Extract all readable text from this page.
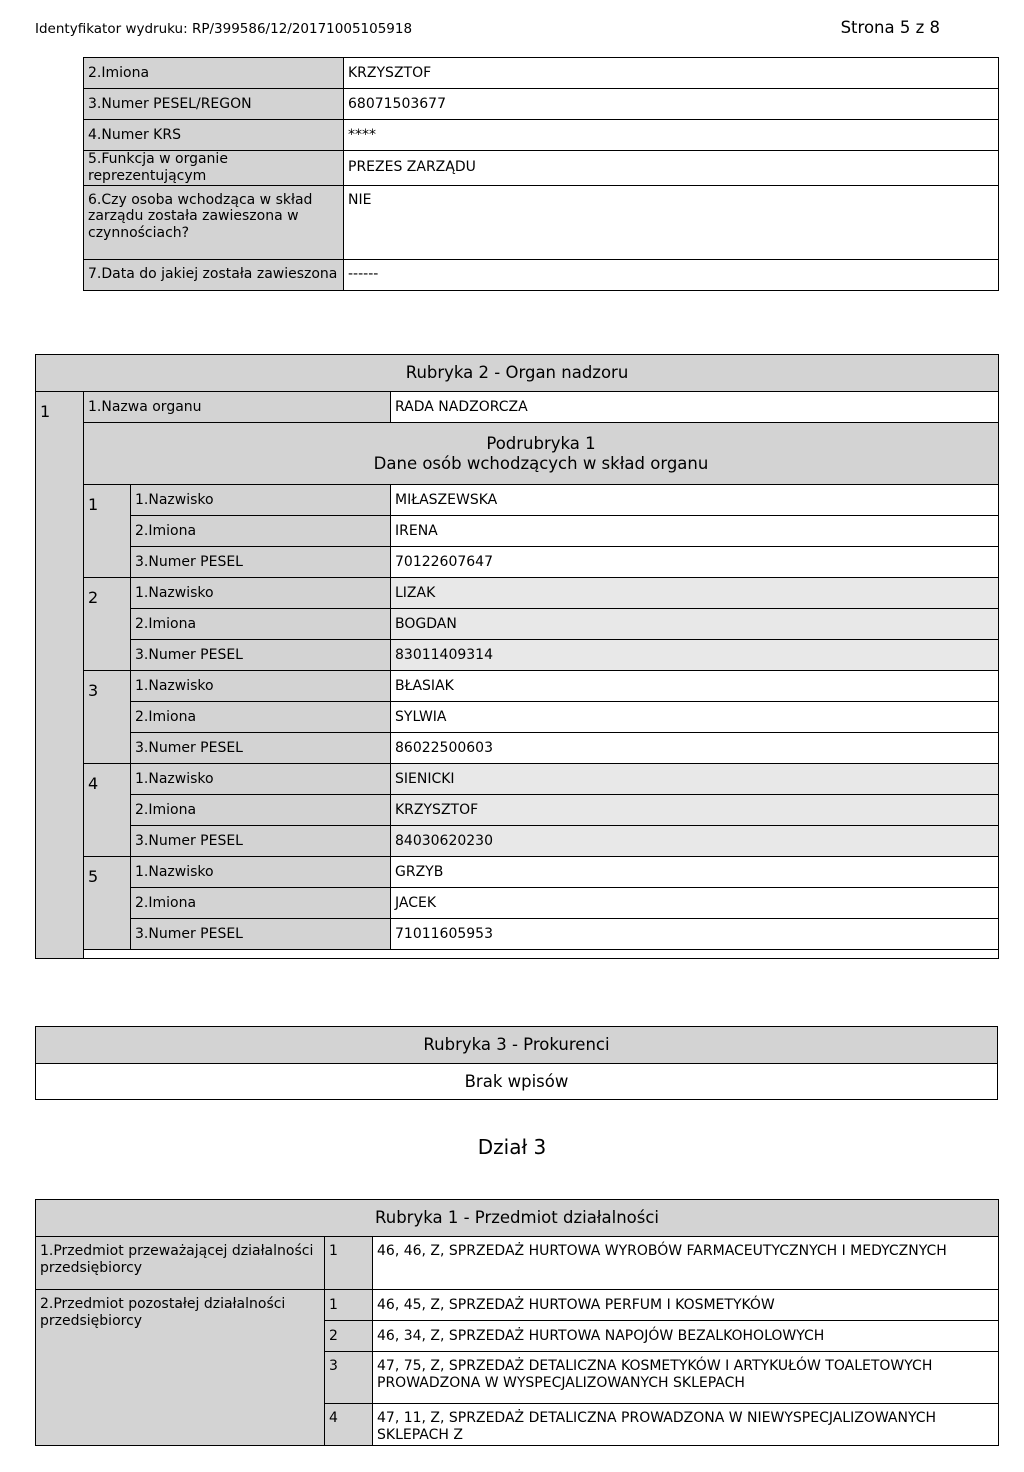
Identyfikator wydruku: RP/399586/12/20171005105918	Strona 5 z 8
2.Imiona	KRZYSZTOF
3.Numer PESEL/REGON	68071503677
4.Numer KRS	****
5.Funkcja w organie reprezentującym	PREZES ZARZĄDU
6.Czy osoba wchodząca w skład zarządu została zawieszona w czynnościach?	NIE
7.Data do jakiej została zawieszona	------
Rubryka 2 - Organ nadzoru			
1	1.Nazwa organu		RADA NADZORCZA

	Podrubryka 1
Dane osób wchodzących w skład organu		

	1	1.Nazwisko	MIŁASZEWSKA
		2.Imiona	IRENA
		3.Numer PESEL	70122607647
	2	1.Nazwisko	LIZAK
		2.Imiona	BOGDAN
		3.Numer PESEL	83011409314
	3	1.Nazwisko	BŁASIAK
		2.Imiona	SYLWIA
		3.Numer PESEL	86022500603
	4	1.Nazwisko	SIENICKI
		2.Imiona	KRZYSZTOF
		3.Numer PESEL	84030620230
	5	1.Nazwisko	GRZYB
		2.Imiona	JACEK
		3.Numer PESEL	71011605953

Rubryka 3 - Prokurenci
Brak wpisów
Dział 3
Rubryka 1 - Przedmiot działalności		
1.Przedmiot przeważającej działalności przedsiębiorcy	1	46, 46, Z, SPRZEDAŻ HURTOWA WYROBÓW FARMACEUTYCZNYCH I MEDYCZNYCH
2.Przedmiot pozostałej działalności przedsiębiorcy	1	46, 45, Z, SPRZEDAŻ HURTOWA PERFUM I KOSMETYKÓW
	2	46, 34, Z, SPRZEDAŻ HURTOWA NAPOJÓW BEZALKOHOLOWYCH
	3	47, 75, Z, SPRZEDAŻ DETALICZNA KOSMETYKÓW I ARTYKUŁÓW TOALETOWYCH PROWADZONA W WYSPECJALIZOWANYCH SKLEPACH
	4	47, 11, Z, SPRZEDAŻ DETALICZNA PROWADZONA W NIEWYSPECJALIZOWANYCH SKLEPACH Z
